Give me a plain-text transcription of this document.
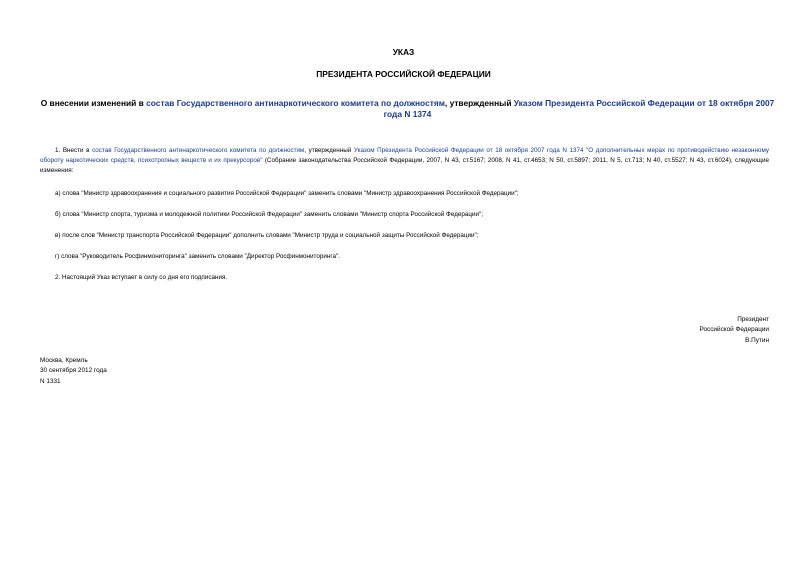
УКАЗ
ПРЕЗИДЕНТА РОССИЙСКОЙ ФЕДЕРАЦИИ
О внесении изменений в состав Государственного антинаркотического комитета по должностям, утвержденный Указом Президента Российской Федерации от 18 октября 2007 года N 1374
1. Внести в состав Государственного антинаркотического комитета по должностям, утвержденный Указом Президента Российской Федерации от 18 октября 2007 года N 1374 "О дополнительных мерах по противодействию незаконному обороту наркотических средств, психотропных веществ и их прекурсоров" (Собрание законодательства Российской Федерации, 2007, N 43, ст.5167; 2008, N 41, ст.4653; N 50, ст.5897; 2011, N 5, ст.713; N 40, ст.5527; N 43, ст.6024), следующие изменения:
а) слова "Министр здравоохранения и социального развития Российской Федерации" заменить словами "Министр здравоохранения Российской Федерации";
б) слова "Министр спорта, туризма и молодежной политики Российской Федерации" заменить словами "Министр спорта Российской Федерации";
в) после слов "Министр транспорта Российской Федерации" дополнить словами "Министр труда и социальной защиты Российской Федерации";
г) слова "Руководитель Росфинмониторинга" заменить словами "Директор Росфинмониторинга".
2. Настоящий Указ вступает в силу со дня его подписания.
Президент
Российской Федерации
В.Путин
Москва, Кремль
30 сентября 2012 года
N 1331
